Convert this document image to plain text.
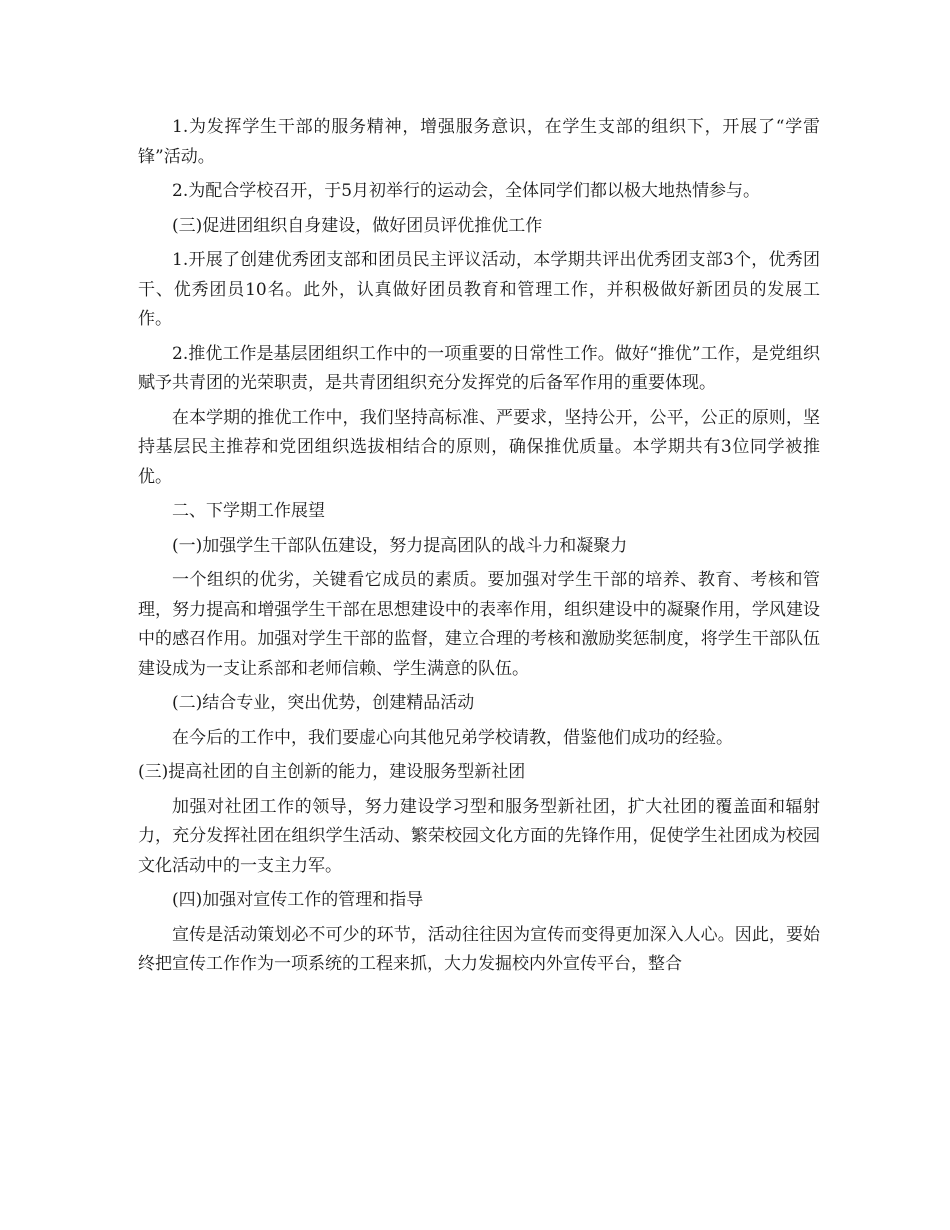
1.为发挥学生干部的服务精神，增强服务意识，在学生支部的组织下，开展了“学雷锋”活动。

2.为配合学校召开，于5月初举行的运动会，全体同学们都以极大地热情参与。

(三)促进团组织自身建设，做好团员评优推优工作

1.开展了创建优秀团支部和团员民主评议活动，本学期共评出优秀团支部3个，优秀团干、优秀团员10名。此外，认真做好团员教育和管理工作，并积极做好新团员的发展工作。

2.推优工作是基层团组织工作中的一项重要的日常性工作。做好“推优”工作，是党组织赋予共青团的光荣职责，是共青团组织充分发挥党的后备军作用的重要体现。

在本学期的推优工作中，我们坚持高标准、严要求，坚持公开，公平，公正的原则，坚持基层民主推荐和党团组织选拔相结合的原则，确保推优质量。本学期共有3位同学被推优。

二、下学期工作展望

(一)加强学生干部队伍建设，努力提高团队的战斗力和凝聚力

一个组织的优劣，关键看它成员的素质。要加强对学生干部的培养、教育、考核和管理，努力提高和增强学生干部在思想建设中的表率作用，组织建设中的凝聚作用，学风建设中的感召作用。加强对学生干部的监督，建立合理的考核和激励奖惩制度，将学生干部队伍建设成为一支让系部和老师信赖、学生满意的队伍。

(二)结合专业，突出优势，创建精品活动

在今后的工作中，我们要虚心向其他兄弟学校请教，借鉴他们成功的经验。

(三)提高社团的自主创新的能力，建设服务型新社团

加强对社团工作的领导，努力建设学习型和服务型新社团，扩大社团的覆盖面和辐射力，充分发挥社团在组织学生活动、繁荣校园文化方面的先锋作用，促使学生社团成为校园文化活动中的一支主力军。

(四)加强对宣传工作的管理和指导

宣传是活动策划必不可少的环节，活动往往因为宣传而变得更加深入人心。因此，要始终把宣传工作作为一项系统的工程来抓，大力发掘校内外宣传平台，整合
